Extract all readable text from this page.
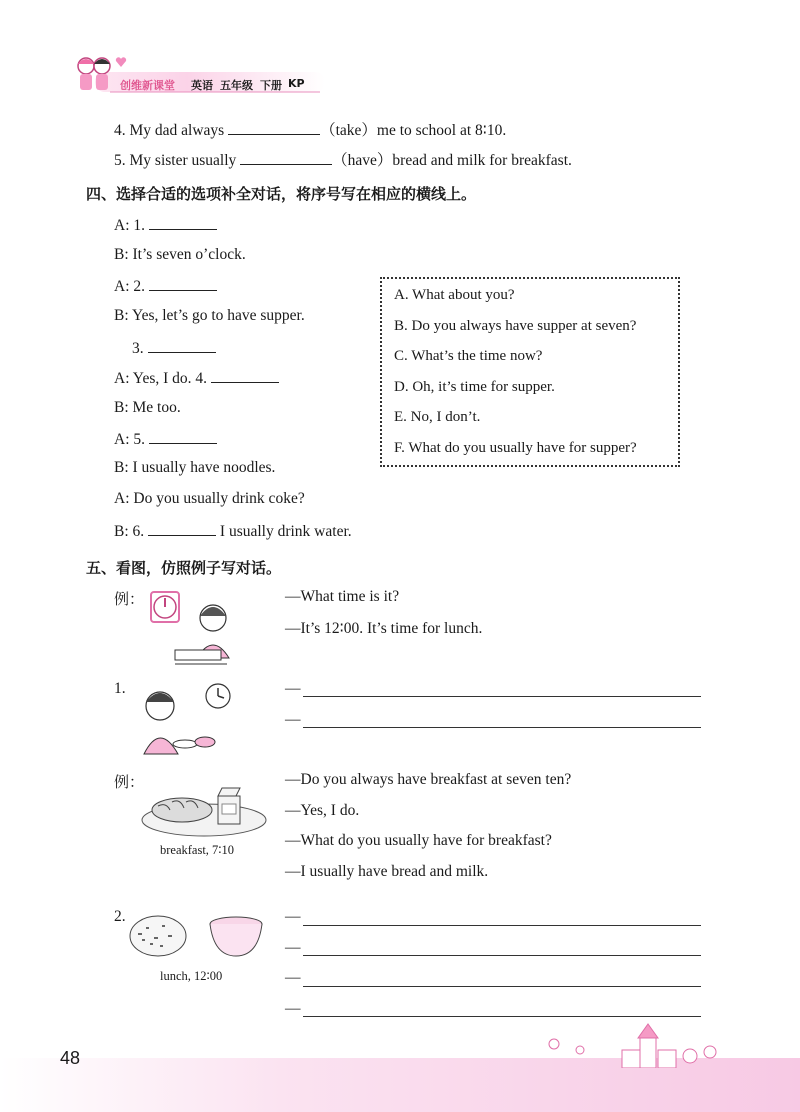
创维新课堂 英语 五年级 下册 KP
4. My dad always	（take）me to school at 8∶10.
5. My sister usually	（have）bread and milk for breakfast.
四、选择合适的选项补全对话，将序号写在相应的横线上。
A: 1.
B: It’s seven o’clock.
A: 2.
B: Yes, let’s go to have supper.
3.
A: Yes, I do. 4.
B: Me too.
A: 5.
B: I usually have noodles.
A: Do you usually drink coke?
B: 6.	I usually drink water.
A. What about you?
B. Do you always have supper at seven?
C. What’s the time now?
D. Oh, it’s time for supper.
E. No, I don’t.
F. What do you usually have for supper?
五、看图，仿照例子写对话。
例：	—What time is it?
—It’s 12∶00. It’s time for lunch.
1.	—
—
例：
breakfast, 7∶10
—Do you always have breakfast at seven ten?
—Yes, I do.
—What do you usually have for breakfast?
—I usually have bread and milk.
2.
lunch, 12∶00
—
—
—
—
48
